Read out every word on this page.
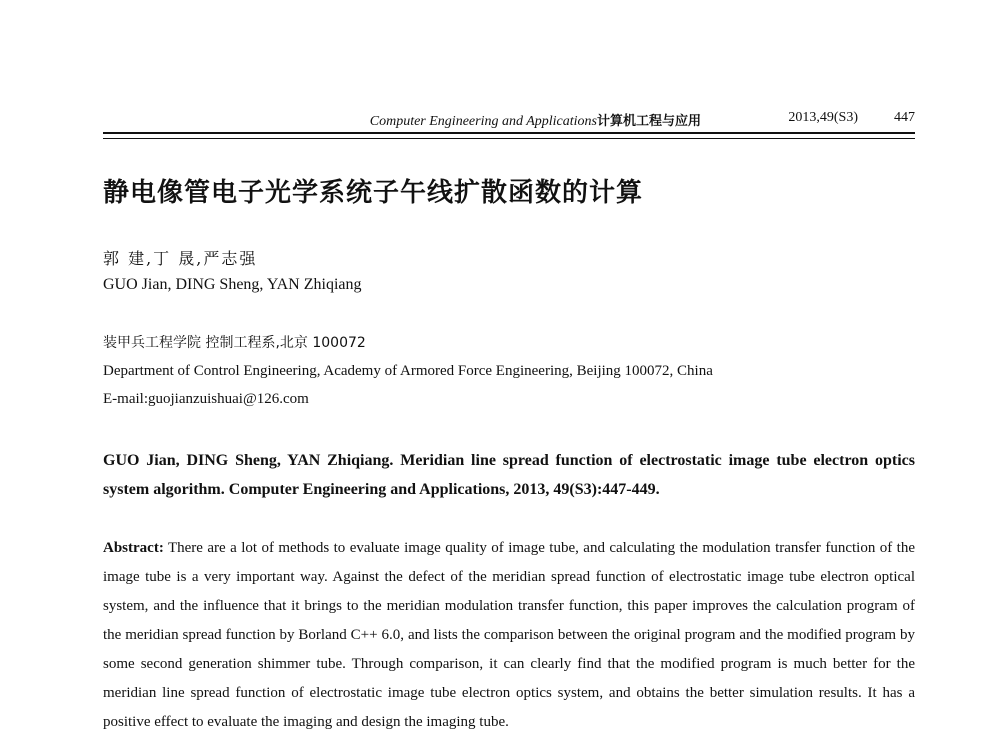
Computer Engineering and Applications计算机工程与应用	2013,49(S3)	447
静电像管电子光学系统子午线扩散函数的计算
郭 建,丁 晟,严志强
GUO Jian, DING Sheng, YAN Zhiqiang
装甲兵工程学院 控制工程系,北京 100072
Department of Control Engineering, Academy of Armored Force Engineering, Beijing 100072, China
E-mail:guojianzuishuai@126.com
GUO Jian, DING Sheng, YAN Zhiqiang. Meridian line spread function of electrostatic image tube electron optics system algorithm. Computer Engineering and Applications, 2013, 49(S3):447-449.
Abstract: There are a lot of methods to evaluate image quality of image tube, and calculating the modulation transfer function of the image tube is a very important way. Against the defect of the meridian spread function of electrostatic image tube electron optical system, and the influence that it brings to the meridian modulation transfer function, this paper improves the calculation program of the meridian spread function by Borland C++ 6.0, and lists the comparison between the original program and the modified program by some second generation shimmer tube. Through comparison, it can clearly find that the modified program is much better for the meridian line spread function of electrostatic image tube electron optics system, and obtains the better simulation results. It has a positive effect to evaluate the imaging and design the imaging tube.
